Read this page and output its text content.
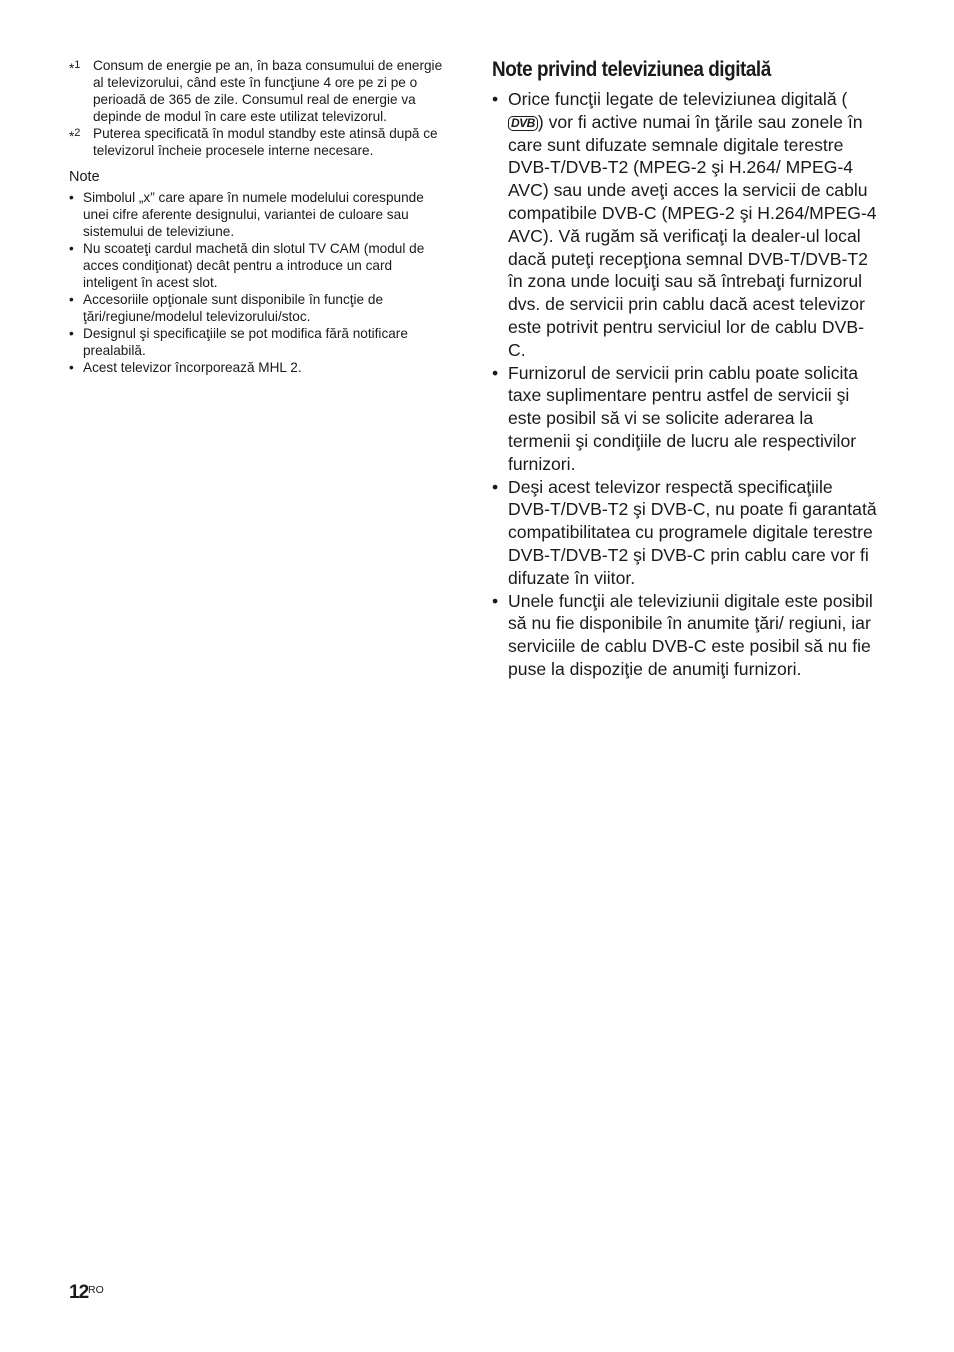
*$^1$ Consum de energie pe an, în baza consumului de energie al televizorului, când este în funcţiune 4 ore pe zi pe o perioadă de 365 de zile. Consumul real de energie va depinde de modul în care este utilizat televizorul.
*$^2$ Puterea specificată în modul standby este atinsă după ce televizorul încheie procesele interne necesare.
Note
• Simbolul „x” care apare în numele modelului corespunde unei cifre aferente designului, variantei de culoare sau sistemului de televiziune.
• Nu scoateţi cardul machetă din slotul TV CAM (modul de acces condiţionat) decât pentru a introduce un card inteligent în acest slot.
• Accesoriile opţionale sunt disponibile în funcţie de ţări/regiune/modelul televizorului/stoc.
• Designul şi specificaţiile se pot modifica fără notificare prealabilă.
• Acest televizor încorporează MHL 2.
Note privind televiziunea digitală
• Orice funcţii legate de televiziunea digitală (DVB ) vor fi active numai în ţările sau zonele în care sunt difuzate semnale digitale terestre DVB-T/DVB-T2 (MPEG-2 şi H.264/ MPEG-4 AVC) sau unde aveţi acces la servicii de cablu compatibile DVB-C (MPEG-2 şi H.264/MPEG-4 AVC). Vă rugăm să verificaţi la dealer-ul local dacă puteţi recepţiona semnal DVB-T/DVB-T2 în zona unde locuiţi sau să întrebaţi furnizorul dvs. de servicii prin cablu dacă acest televizor este potrivit pentru serviciul lor de cablu DVB-C.
• Furnizorul de servicii prin cablu poate solicita taxe suplimentare pentru astfel de servicii şi este posibil să vi se solicite aderarea la termenii şi condiţiile de lucru ale respectivilor furnizori.
• Deşi acest televizor respectă specificaţiile DVB-T/DVB-T2 şi DVB-C, nu poate fi garantată compatibilitatea cu programele digitale terestre DVB-T/DVB-T2 şi DVB-C prin cablu care vor fi difuzate în viitor.
• Unele funcţii ale televiziunii digitale este posibil să nu fie disponibile în anumite ţări/ regiuni, iar serviciile de cablu DVB-C este posibil să nu fie puse la dispoziţie de anumiţi furnizori.
12 RO
